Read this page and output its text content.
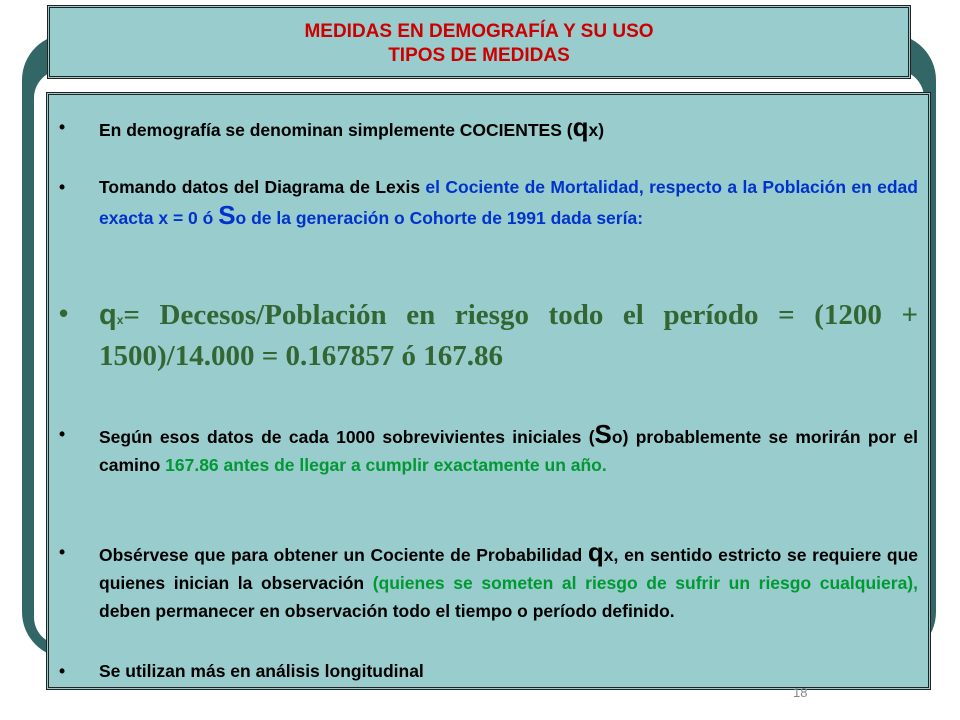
MEDIDAS EN DEMOGRAFÍA Y SU USO
TIPOS DE MEDIDAS
• En demografía se denominan simplemente COCIENTES (qx)
• Tomando datos del Diagrama de Lexis el Cociente de Mortalidad, respecto a la Población en edad exacta x = 0 ó So de la generación o Cohorte de 1991 dada sería:
• qx= Decesos/Población en riesgo todo el período = (1200 + 1500)/14.000 = 0.167857 ó 167.86
• Según esos datos de cada 1000 sobrevivientes iniciales (So) probablemente se morirán por el camino 167.86 antes de llegar a cumplir exactamente un año.
• Obsérvese que para obtener un Cociente de Probabilidad qx, en sentido estricto se requiere que quienes inician la observación (quienes se someten al riesgo de sufrir un riesgo cualquiera), deben permanecer en observación todo el tiempo o período definido.
• Se utilizan más en análisis longitudinal
18
